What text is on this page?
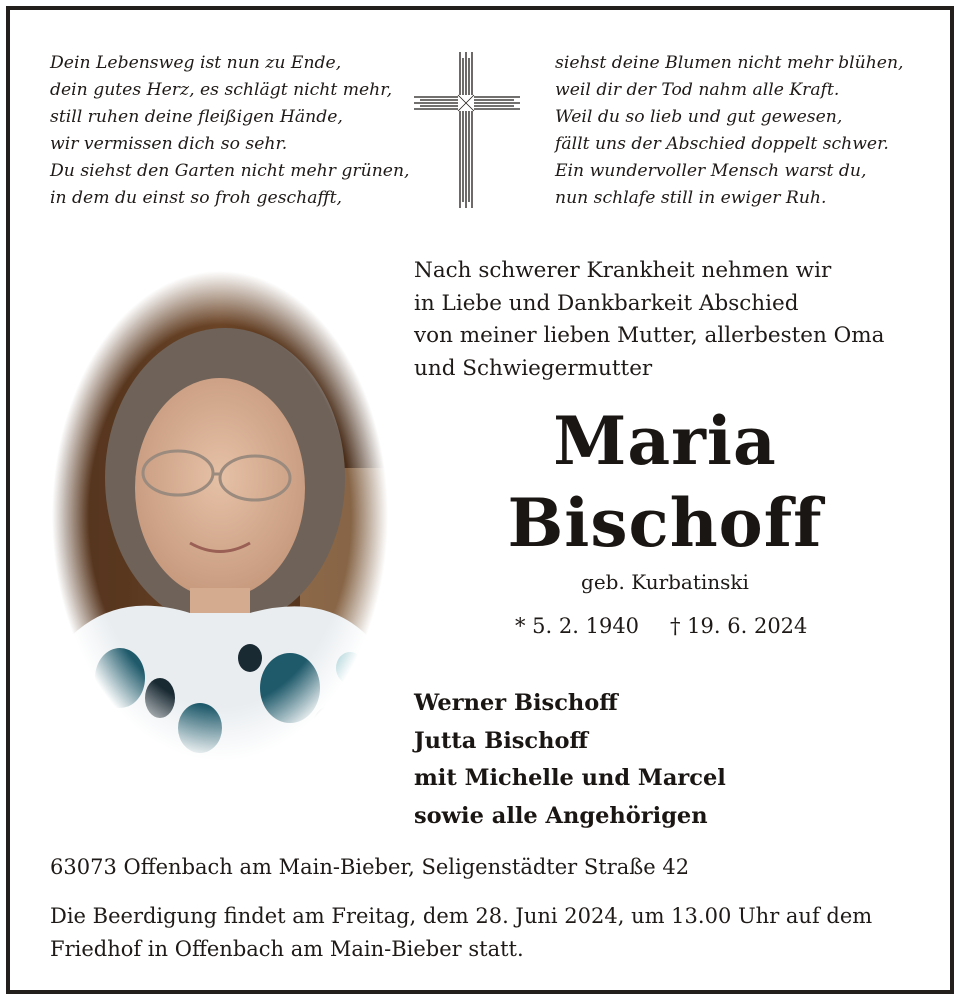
Dein Lebensweg ist nun zu Ende,
dein gutes Herz, es schlägt nicht mehr,
still ruhen deine fleißigen Hände,
wir vermissen dich so sehr.
Du siehst den Garten nicht mehr grünen,
in dem du einst so froh geschafft,
siehst deine Blumen nicht mehr blühen,
weil dir der Tod nahm alle Kraft.
Weil du so lieb und gut gewesen,
fällt uns der Abschied doppelt schwer.
Ein wundervoller Mensch warst du,
nun schlafe still in ewiger Ruh.
Nach schwerer Krankheit nehmen wir
in Liebe und Dankbarkeit Abschied
von meiner lieben Mutter, allerbesten Oma
und Schwiegermutter
Maria
Bischoff
geb. Kurbatinski
* 5. 2. 1940 † 19. 6. 2024
Werner Bischoff
Jutta Bischoff
mit Michelle und Marcel
sowie alle Angehörigen
63073 Offenbach am Main-Bieber, Seligenstädter Straße 42
Die Beerdigung findet am Freitag, dem 28. Juni 2024, um 13.00 Uhr auf dem
Friedhof in Offenbach am Main-Bieber statt.
